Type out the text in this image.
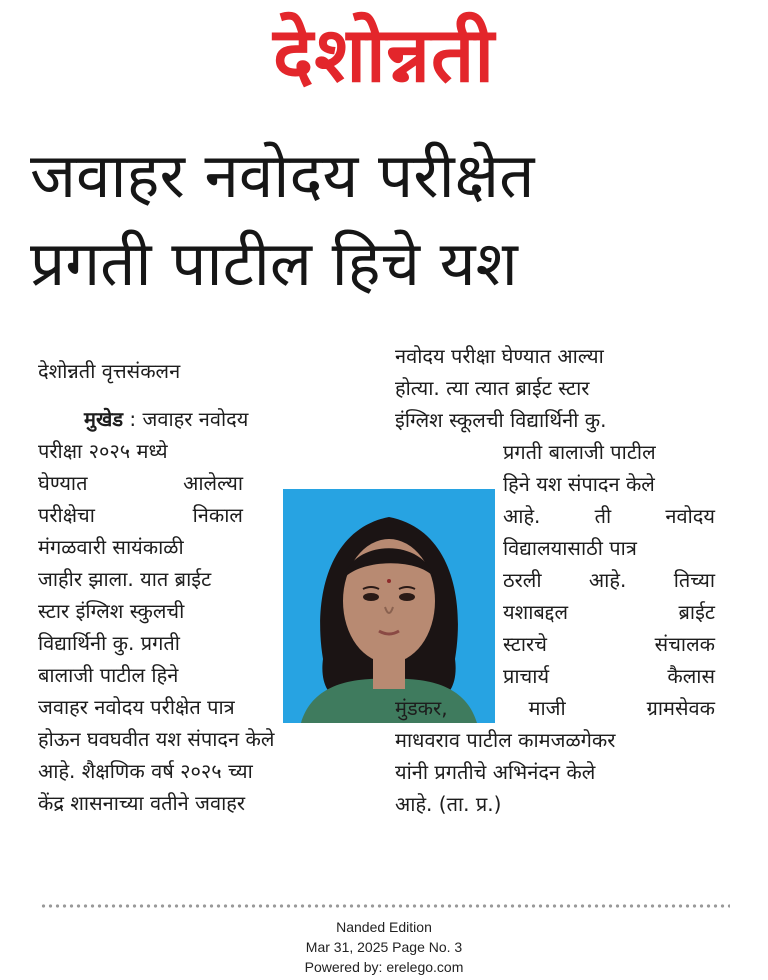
देशोन्नती
जवाहर नवोदय परीक्षेत
प्रगती पाटील हिचे यश
देशोन्नती वृत्तसंकलन
मुखेड : जवाहर नवोदय
परीक्षा २०२५ मध्ये
घेण्यात	आलेल्या
परीक्षेचा	निकाल
मंगळवारी सायंकाळी
जाहीर झाला. यात ब्राईट
स्टार इंग्लिश स्कुलची
विद्यार्थिनी कु. प्रगती
बालाजी पाटील हिने
जवाहर नवोदय परीक्षेत पात्र
होऊन घवघवीत यश संपादन केले
आहे. शैक्षणिक वर्ष २०२५ च्या
केंद्र शासनाच्या वतीने जवाहर
नवोदय परीक्षा घेण्यात आल्या
होत्या. त्या त्यात ब्राईट स्टार
इंग्लिश स्कूलची विद्यार्थिनी कु.
प्रगती बालाजी पाटील
हिने यश संपादन केले
आहे.	ती	नवोदय
विद्यालयासाठी पात्र
ठरली आहे. तिच्या
यशाबद्दल	ब्राईट
स्टारचे	संचालक
प्राचार्य	कैलास
मुंडकर,	माजी	ग्रामसेवक
माधवराव पाटील कामजळगेकर
यांनी प्रगतीचे अभिनंदन केले
आहे. (ता. प्र.)
Nanded Edition
Mar 31, 2025 Page No. 3
Powered by: erelego.com
